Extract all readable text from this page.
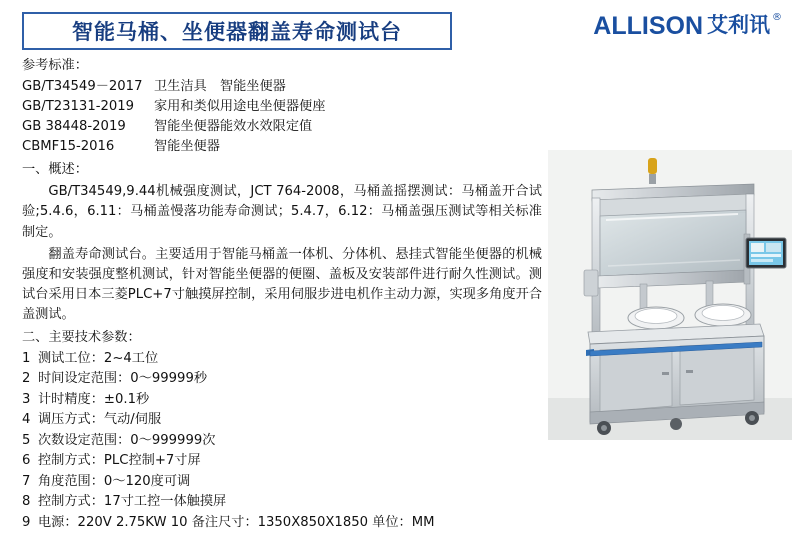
智能马桶、坐便器翻盖寿命测试台	ALLISON 艾利讯 ®
参考标准：
GB/T34549－2017 卫生洁具　智能坐便器
GB/T23131-2019	家用和类似用途电坐便器便座
GB 38448-2019	智能坐便器能效水效限定值
CBMF15-2016	智能坐便器
一、概述：
GB/T34549,9.44机械强度测试，JCT 764-2008，马桶盖摇摆测试：马桶盖开合试验;5.4.6，6.11：马桶盖慢落功能寿命测试；5.4.7，6.12：马桶盖强压测试等相关标准制定。
翻盖寿命测试台。主要适用于智能马桶盖一体机、分体机、悬挂式智能坐便器的机械强度和安装强度整机测试，针对智能坐便器的便圈、盖板及安装部件进行耐久性测试。测试台采用日本三菱PLC+7寸触摸屏控制，采用伺服步进电机作主动力源，实现多角度开合盖测试。
二、主要技术参数：
1 测试工位：2~4工位
2 时间设定范围：0～99999秒
3 计时精度：±0.1秒
4 调压方式：气动/伺服
5 次数设定范围：0～999999次
6 控制方式：PLC控制+7寸屏
7 角度范围：0～120度可调
8 控制方式：17寸工控一体触摸屏
9 电源：220V 2.75KW 10 备注尺寸：1350X850X1850 单位：MM
